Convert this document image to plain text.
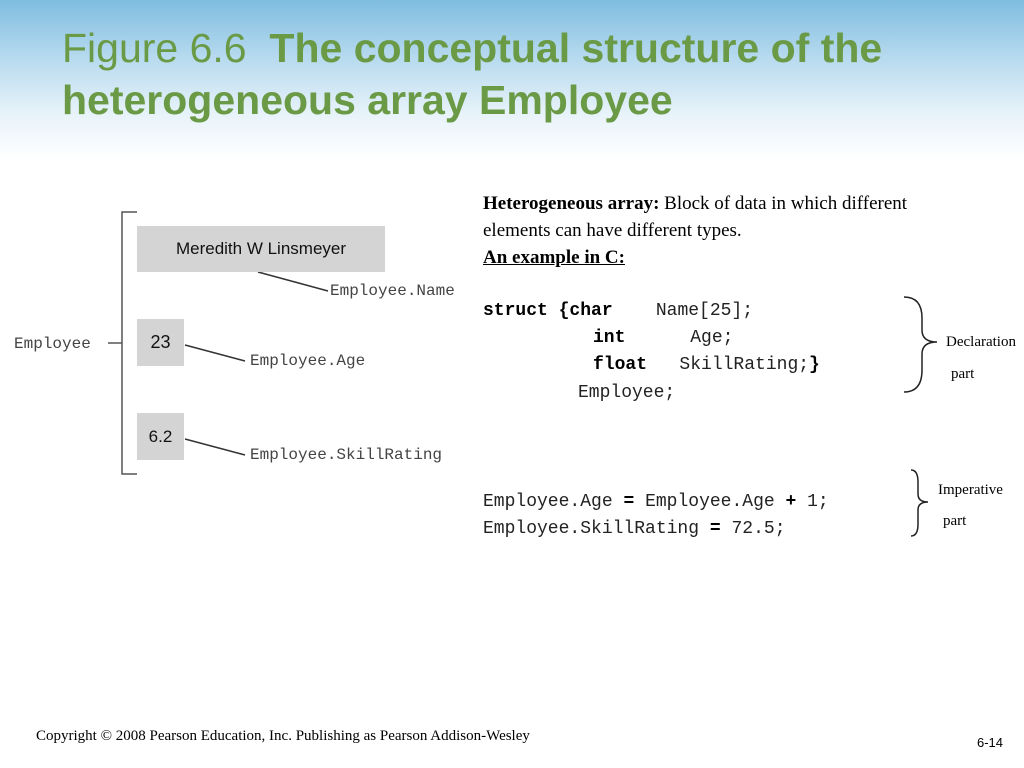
Figure 6.6 The conceptual structure of the heterogeneous array Employee
Employee
Meredith W Linsmeyer
23
6.2
Employee.Name
Employee.Age
Employee.SkillRating
Heterogeneous array: Block of data in which different elements can have different types.
An example in C:
struct {char Name[25];
int	Age;
float SkillRating;}
Employee;
Employee.Age = Employee.Age + 1;
Employee.SkillRating = 72.5;
Declaration
part
Imperative
part
Copyright © 2008 Pearson Education, Inc. Publishing as Pearson Addison-Wesley	6-14
